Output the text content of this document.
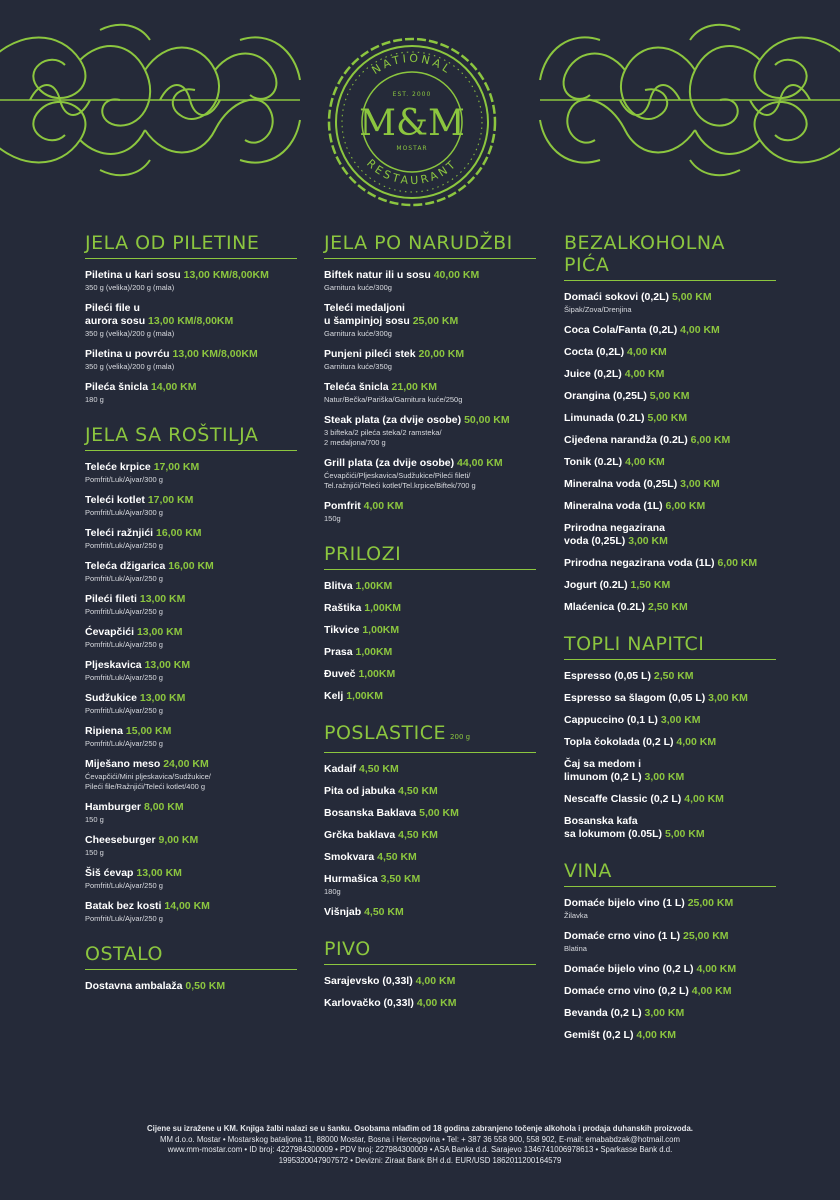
NATIONAL
RESTAURANT
EST. 2000
M&M
MOSTAR
JELA OD PILETINE
Piletina u kari sosu 13,00 KM/8,00KM
350 g (velika)/200 g (mala)
Pileći file u
aurora sosu 13,00 KM/8,00KM
350 g (velika)/200 g (mala)
Piletina u povrću 13,00 KM/8,00KM
350 g (velika)/200 g (mala)
Pileća šnicla 14,00 KM
180 g
JELA SA ROŠTILJA
Teleće krpice 17,00 KM
Pomfrit/Luk/Ajvar/300 g
Teleći kotlet 17,00 KM
Pomfrit/Luk/Ajvar/300 g
Teleći ražnjići 16,00 KM
Pomfrit/Luk/Ajvar/250 g
Teleća džigarica 16,00 KM
Pomfrit/Luk/Ajvar/250 g
Pileći fileti 13,00 KM
Pomfrit/Luk/Ajvar/250 g
Ćevapčići 13,00 KM
Pomfrit/Luk/Ajvar/250 g
Pljeskavica 13,00 KM
Pomfrit/Luk/Ajvar/250 g
Sudžukice 13,00 KM
Pomfrit/Luk/Ajvar/250 g
Ripiena 15,00 KM
Pomfrit/Luk/Ajvar/250 g
Miješano meso 24,00 KM
Ćevapčići/Mini pljeskavica/Sudžukice/
Pileći file/Ražnjići/Teleći kotlet/400 g
Hamburger 8,00 KM
150 g
Cheeseburger 9,00 KM
150 g
Šiš ćevap 13,00 KM
Pomfrit/Luk/Ajvar/250 g
Batak bez kosti 14,00 KM
Pomfrit/Luk/Ajvar/250 g
OSTALO
Dostavna ambalaža 0,50 KM
JELA PO NARUDŽBI
Biftek natur ili u sosu 40,00 KM
Garnitura kuće/300g
Teleći medaljoni
u šampinjoj sosu 25,00 KM
Garnitura kuće/300g
Punjeni pileći stek 20,00 KM
Garnitura kuće/350g
Teleća šnicla 21,00 KM
Natur/Bečka/Pariška/Garnitura kuće/250g
Steak plata (za dvije osobe) 50,00 KM
3 bifteka/2 pileća steka/2 ramsteka/
2 medaljona/700 g
Grill plata (za dvije osobe) 44,00 KM
Ćevapčići/Pljeskavica/Sudžukice/Pileći fileti/
Tel.ražnjići/Teleći kotlet/Tel.krpice/Biftek/700 g
Pomfrit 4,00 KM
150g
PRILOZI
Blitva 1,00KM
Raštika 1,00KM
Tikvice 1,00KM
Prasa 1,00KM
Đuveč 1,00KM
Kelj 1,00KM
POSLASTICE 200 g
Kadaif 4,50 KM
Pita od jabuka 4,50 KM
Bosanska Baklava 5,00 KM
Grčka baklava 4,50 KM
Smokvara 4,50 KM
Hurmašica 3,50 KM
180g
Višnjab 4,50 KM
PIVO
Sarajevsko (0,33l) 4,00 KM
Karlovačko (0,33l) 4,00 KM
BEZALKOHOLNA
PIĆA
Domaći sokovi (0,2L) 5,00 KM
Šipak/Zova/Drenjina
Coca Cola/Fanta (0,2L) 4,00 KM
Cocta (0,2L) 4,00 KM
Juice (0,2L) 4,00 KM
Orangina (0,25L) 5,00 KM
Limunada (0.2L) 5,00 KM
Cijeđena narandža (0.2L) 6,00 KM
Tonik (0.2L) 4,00 KM
Mineralna voda (0,25L) 3,00 KM
Mineralna voda (1L) 6,00 KM
Prirodna negazirana
voda (0,25L) 3,00 KM
Prirodna negazirana voda (1L) 6,00 KM
Jogurt (0.2L) 1,50 KM
Mlaćenica (0.2L) 2,50 KM
TOPLI NAPITCI
Espresso (0,05 L) 2,50 KM
Espresso sa šlagom (0,05 L) 3,00 KM
Cappuccino (0,1 L) 3,00 KM
Topla čokolada (0,2 L) 4,00 KM
Čaj sa medom i
limunom (0,2 L) 3,00 KM
Nescaffe Classic (0,2 L) 4,00 KM
Bosanska kafa
sa lokumom (0.05L) 5,00 KM
VINA
Domaće bijelo vino (1 L) 25,00 KM
Žilavka
Domaće crno vino (1 L) 25,00 KM
Blatina
Domaće bijelo vino (0,2 L) 4,00 KM
Domaće crno vino (0,2 L) 4,00 KM
Bevanda (0,2 L) 3,00 KM
Gemišt (0,2 L) 4,00 KM
Cijene su izražene u KM. Knjiga žalbi nalazi se u šanku. Osobama mlađim od 18 godina zabranjeno točenje alkohola i prodaja duhanskih proizvoda.
MM d.o.o. Mostar • Mostarskog bataljona 11, 88000 Mostar, Bosna i Hercegovina • Tel: + 387 36 558 900, 558 902, E-mail: emababdzak@hotmail.com
www.mm-mostar.com • ID broj: 4227984300009 • PDV broj: 227984300009 • ASA Banka d.d. Sarajevo 1346741006978613 • Sparkasse Bank d.d.
1995320047907572 • Devizni: Ziraat Bank BH d.d. EUR/USD 1862011200164579
